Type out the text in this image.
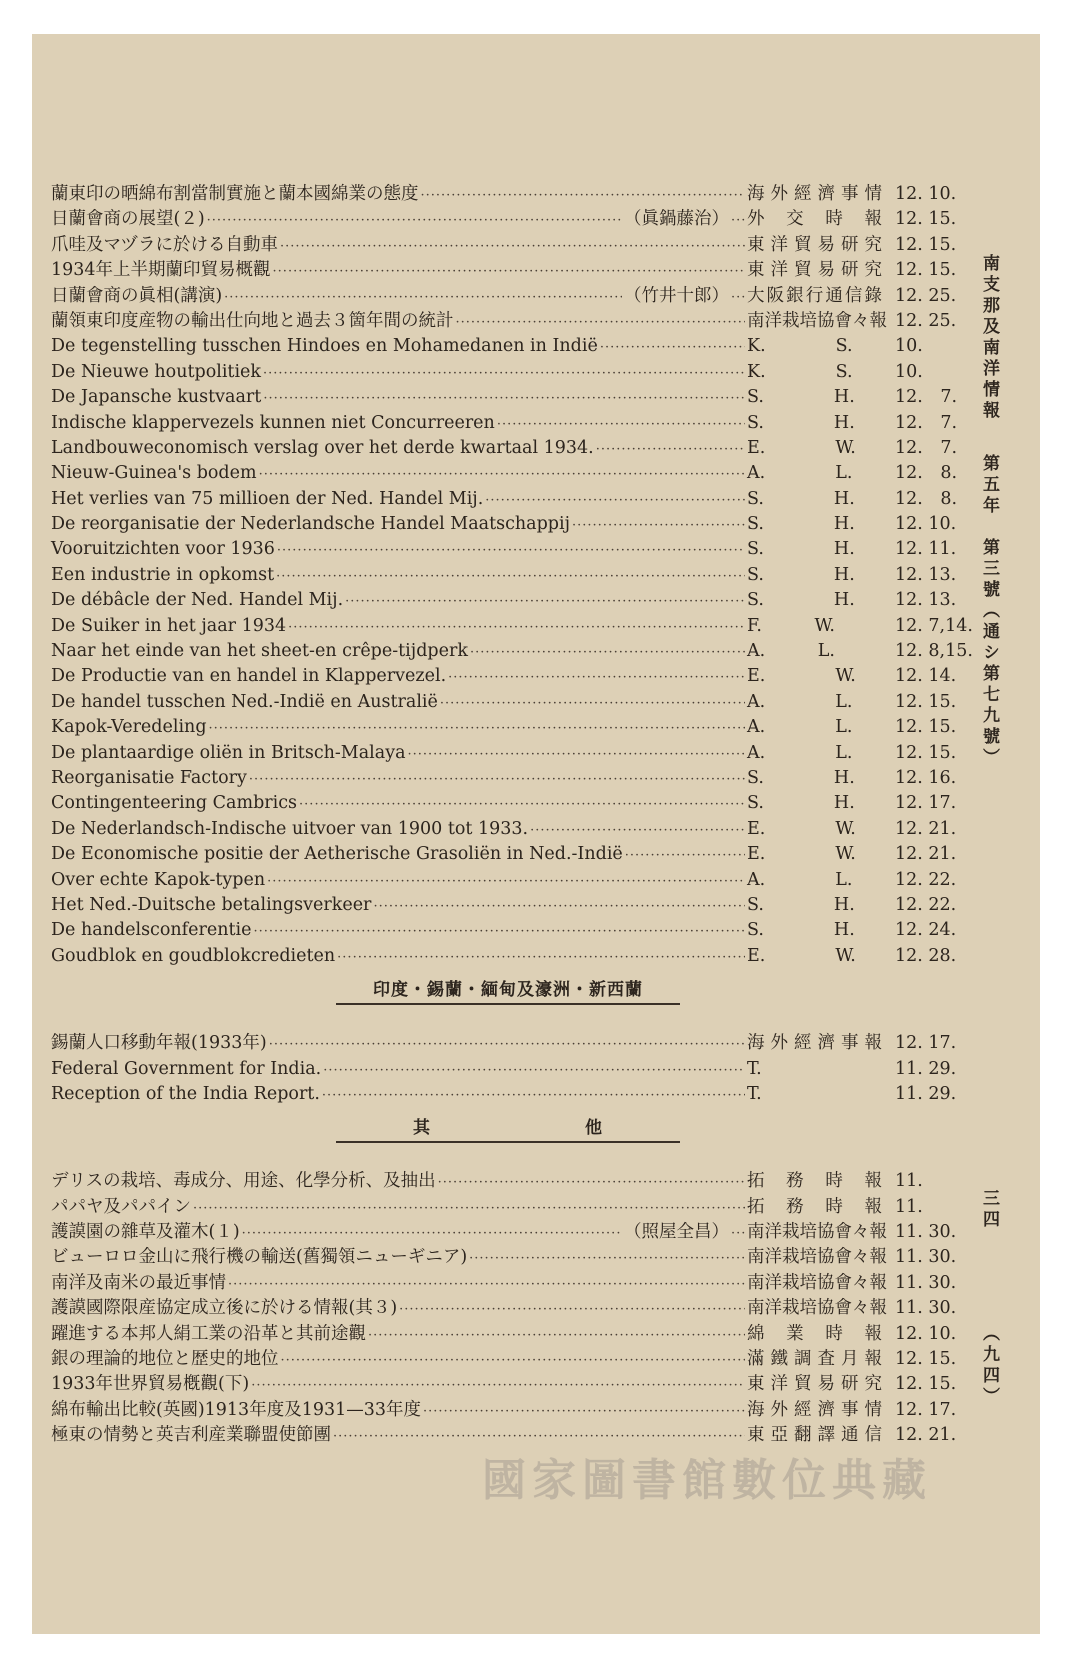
南支那及南洋情報
第五年　第三號（通シ第七九號）
三四
（九四）
蘭東印の晒綿布割當制實施と蘭本國綿業の態度 ·····	海外經濟事情 12. 10.
日蘭會商の展望(２) ·····	（眞鍋藤治） ····· 外 交 時 報 12. 15.
爪哇及マヅラに於ける自動車 ·····	東洋貿易研究 12. 15.
1934年上半期蘭印貿易概觀 ·····	東洋貿易研究 12. 15.
日蘭會商の眞相(講演) ·····	（竹井十郎） ····· 大阪銀行通信錄 12. 25.
蘭領東印度産物の輸出仕向地と過去３箇年間の統計 ·····	南洋栽培協會々報 12. 25.
De tegenstelling tusschen Hindoes en Mohamedanen in Indië ·····	K.　　　　S.	10.
De Nieuwe houtpolitiek ·····	K.　　　　S.	10.
De Japansche kustvaart ·····	S.　　　　H.	12.　7.
Indische klappervezels kunnen niet Concurreeren ·····	S.　　　　H.	12.　7.
Landbouweconomisch verslag over het derde kwartaal 1934. ·····	E.　　　　W.	12.　7.
Nieuw-Guinea's bodem ·····	A.　　　　L.	12.　8.
Het verlies van 75 millioen der Ned. Handel Mij. ·····	S.　　　　H.	12.　8.
De reorganisatie der Nederlandsche Handel Maatschappij ·····	S.　　　　H.	12. 10.
Vooruitzichten voor 1936 ·····	S.　　　　H.	12. 11.
Een industrie in opkomst ·····	S.　　　　H.	12. 13.
De débâcle der Ned. Handel Mij. ·····	S.　　　　H.	12. 13.
De Suiker in het jaar 1934 ·····	F.　　　W.	12. 7,14.
Naar het einde van het sheet-en crêpe-tijdperk ·····	A.　　　L.	12. 8,15.
De Productie van en handel in Klappervezel. ·····	E.　　　　W.	12. 14.
De handel tusschen Ned.-Indië en Australië ·····	A.　　　　L.	12. 15.
Kapok-Veredeling ·····	A.　　　　L.	12. 15.
De plantaardige oliën in Britsch-Malaya ·····	A.　　　　L.	12. 15.
Reorganisatie Factory ·····	S.　　　　H.	12. 16.
Contingenteering Cambrics ·····	S.　　　　H.	12. 17.
De Nederlandsch-Indische uitvoer van 1900 tot 1933. ·····	E.　　　　W.	12. 21.
De Economische positie der Aetherische Grasoliën in Ned.-Indië ·····	E.　　　　W.	12. 21.
Over echte Kapok-typen ·····	A.　　　　L.	12. 22.
Het Ned.-Duitsche betalingsverkeer ·····	S.　　　　H.	12. 22.
De handelsconferentie ·····	S.　　　　H.	12. 24.
Goudblok en goudblokcredieten ·····	E.　　　　W.	12. 28.
印度・錫蘭・緬甸及濠洲・新西蘭
錫蘭人口移動年報(1933年) ·····	海外經濟事報 12. 17.
Federal Government for India. ·····	T.	11. 29.
Reception of the India Report. ·····	T.	11. 29.
其	他
デリスの栽培、毒成分、用途、化學分析、及抽出 ·····	拓 務 時 報 11.
パパヤ及パパイン ·····	拓 務 時 報 11.
護謨園の雜草及灌木(１) ·····	（照屋全昌） ····· 南洋栽培協會々報 11. 30.
ビューロロ金山に飛行機の輸送(舊獨領ニューギニア) ·····	南洋栽培協會々報 11. 30.
南洋及南米の最近事情 ·····	南洋栽培協會々報 11. 30.
護謨國際限産協定成立後に於ける情報(其３) ·····	南洋栽培協會々報 11. 30.
躍進する本邦人絹工業の沿革と其前途觀 ·····	綿 業 時 報 12. 10.
銀の理論的地位と歴史的地位 ·····	滿鐵調査月報 12. 15.
1933年世界貿易槪觀(下) ·····	東洋貿易研究 12. 15.
綿布輸出比較(英國)1913年度及1931—33年度 ·····	海外經濟事情 12. 17.
極東の情勢と英吉利産業聯盟使節團 ·····	東亞翻譯通信 12. 21.
國家圖書館數位典藏
